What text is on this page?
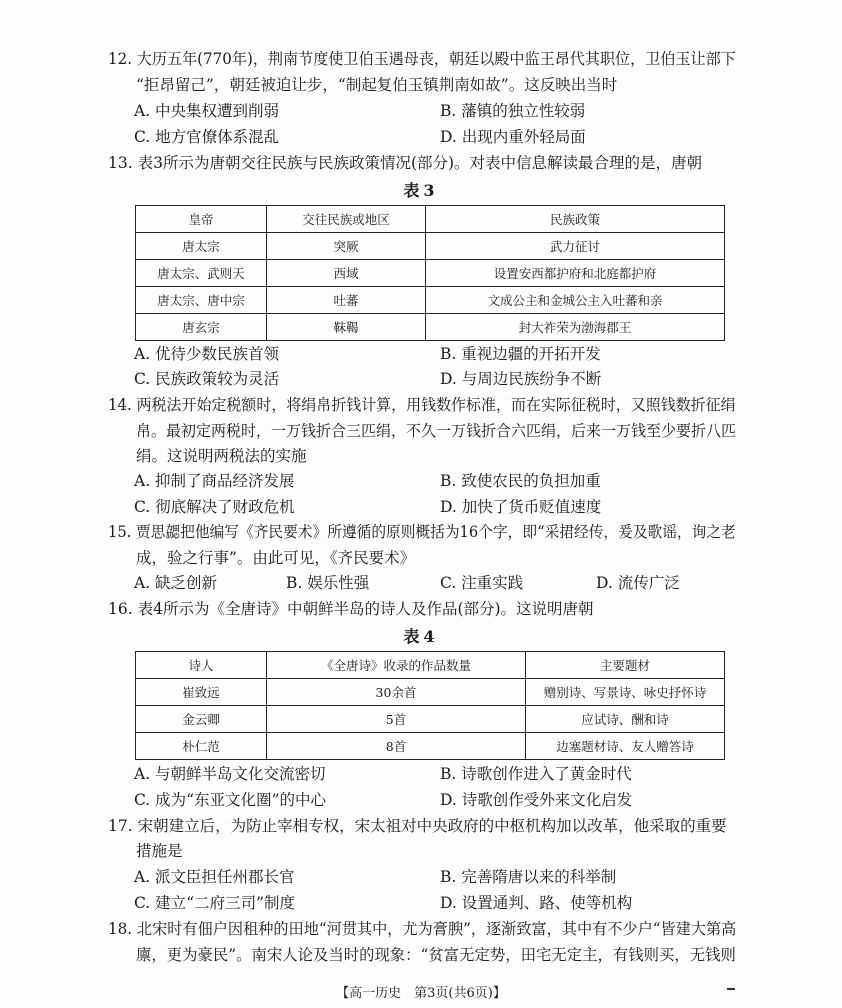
12. 大历五年(770年)，荆南节度使卫伯玉遇母丧，朝廷以殿中监王昂代其职位，卫伯玉让部下
“拒昂留己”，朝廷被迫让步，“制起复伯玉镇荆南如故”。这反映出当时
A. 中央集权遭到削弱	B. 藩镇的独立性较弱
C. 地方官僚体系混乱	D. 出现内重外轻局面
13. 表3所示为唐朝交往民族与民族政策情况(部分)。对表中信息解读最合理的是，唐朝
表3
皇帝	交往民族或地区	民族政策
唐太宗	突厥	武力征讨
唐太宗、武则天	西域	设置安西都护府和北庭都护府
唐太宗、唐中宗	吐蕃	文成公主和金城公主入吐蕃和亲
唐玄宗	靺鞨	封大祚荣为渤海郡王
A. 优待少数民族首领	B. 重视边疆的开拓开发
C. 民族政策较为灵活	D. 与周边民族纷争不断
14. 两税法开始定税额时，将绢帛折钱计算，用钱数作标准，而在实际征税时，又照钱数折征绢
帛。最初定两税时，一万钱折合三匹绢，不久一万钱折合六匹绢，后来一万钱至少要折八匹
绢。这说明两税法的实施
A. 抑制了商品经济发展	B. 致使农民的负担加重
C. 彻底解决了财政危机	D. 加快了货币贬值速度
15. 贾思勰把他编写《齐民要术》所遵循的原则概括为16个字，即“采捃经传，爰及歌谣，询之老
成，验之行事”。由此可见，《齐民要术》
A. 缺乏创新	B. 娱乐性强	C. 注重实践	D. 流传广泛
16. 表4所示为《全唐诗》中朝鲜半岛的诗人及作品(部分)。这说明唐朝
表4
诗人	《全唐诗》收录的作品数量	主要题材
崔致远	30余首	赠别诗、写景诗、咏史抒怀诗
金云卿	5首	应试诗、酬和诗
朴仁范	8首	边塞题材诗、友人赠答诗
A. 与朝鲜半岛文化交流密切	B. 诗歌创作进入了黄金时代
C. 成为“东亚文化圈”的中心	D. 诗歌创作受外来文化启发
17. 宋朝建立后，为防止宰相专权，宋太祖对中央政府的中枢机构加以改革，他采取的重要
措施是
A. 派文臣担任州郡长官	B. 完善隋唐以来的科举制
C. 建立“二府三司”制度	D. 设置通判、路、使等机构
18. 北宋时有佃户因租种的田地“河贯其中，尤为膏腴”，逐渐致富，其中有不少户“皆建大第高
廪，更为豪民”。南宋人论及当时的现象：“贫富无定势，田宅无定主，有钱则买，无钱则
【高一历史　第3页(共6页)】
